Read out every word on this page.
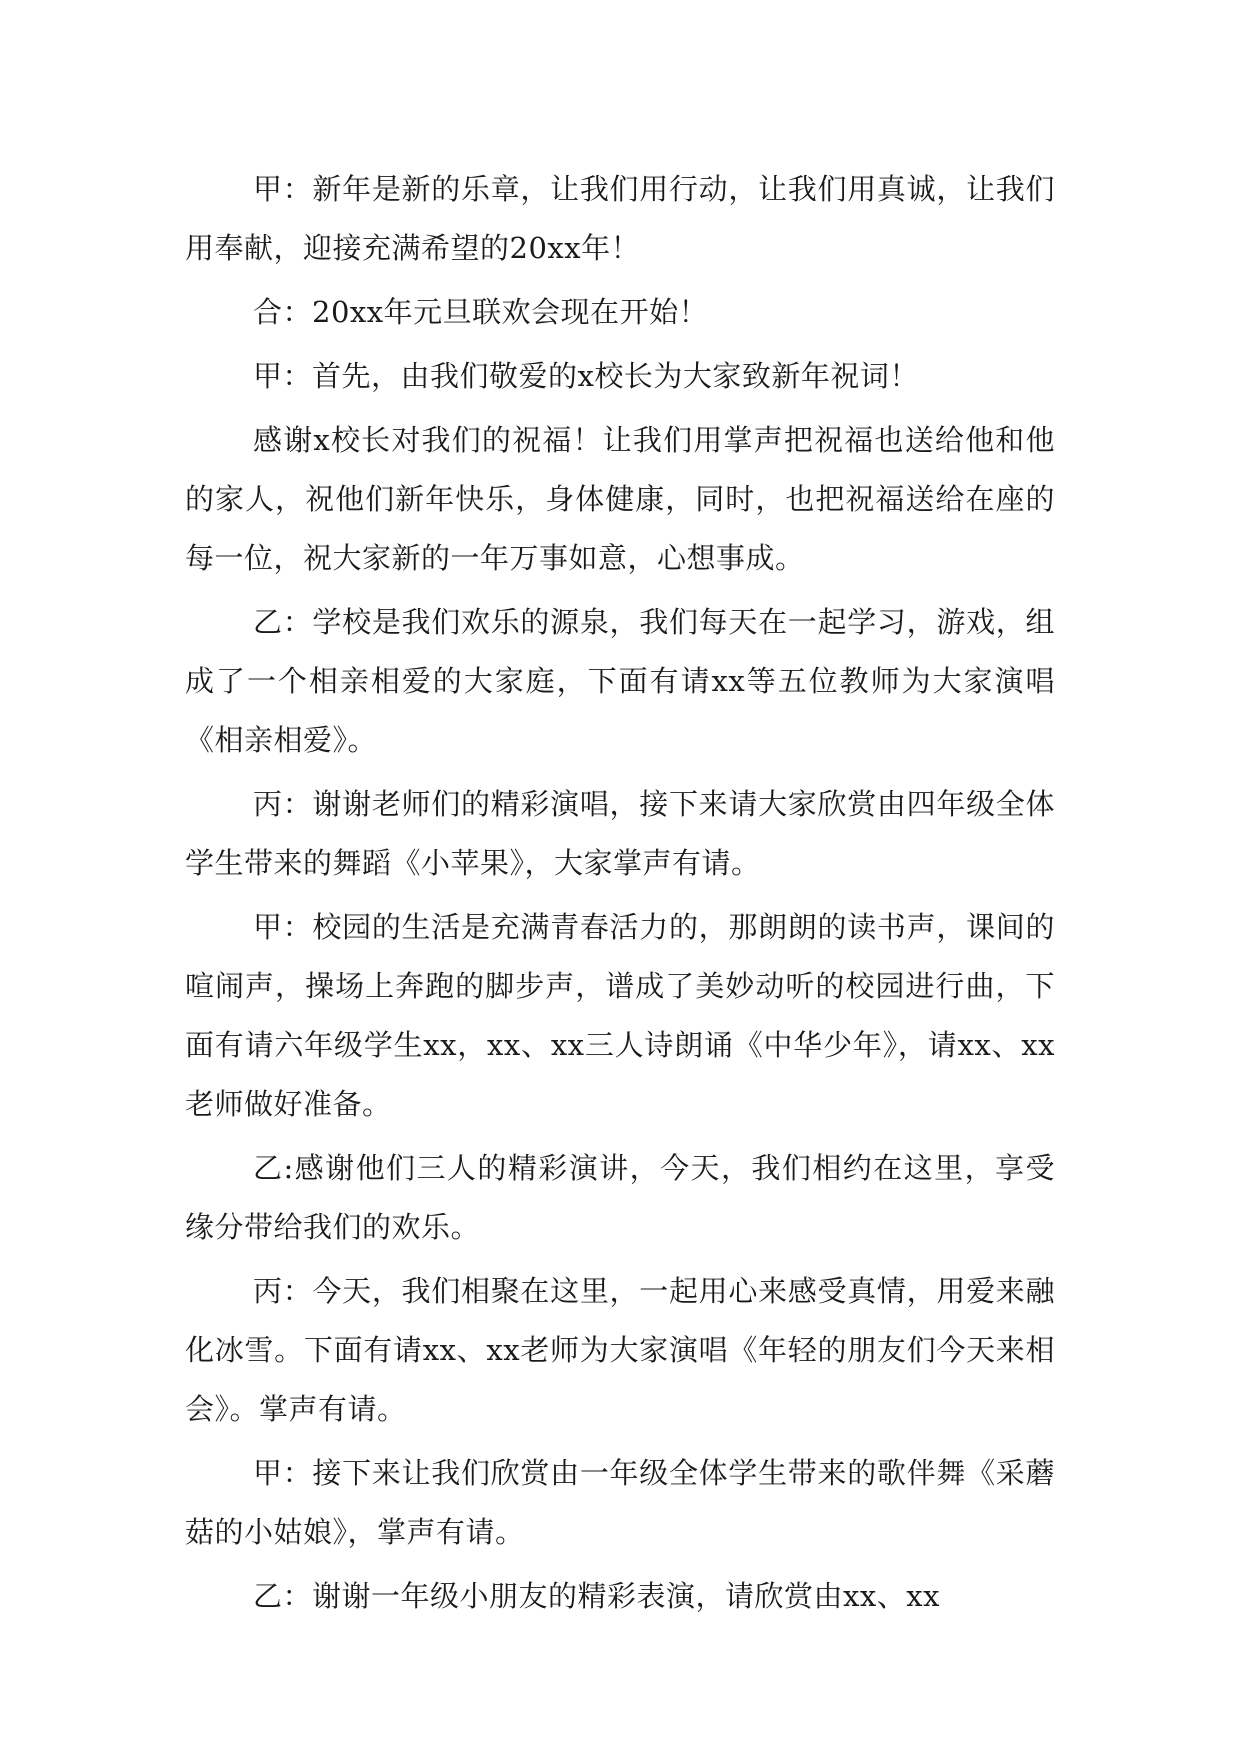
甲：新年是新的乐章，让我们用行动，让我们用真诚，让我们用奉献，迎接充满希望的20xx年！

合：20xx年元旦联欢会现在开始！

甲：首先，由我们敬爱的x校长为大家致新年祝词！

感谢x校长对我们的祝福！让我们用掌声把祝福也送给他和他的家人，祝他们新年快乐，身体健康，同时，也把祝福送给在座的每一位，祝大家新的一年万事如意，心想事成。

乙：学校是我们欢乐的源泉，我们每天在一起学习，游戏，组成了一个相亲相爱的大家庭，下面有请xx等五位教师为大家演唱《相亲相爱》。

丙：谢谢老师们的精彩演唱，接下来请大家欣赏由四年级全体学生带来的舞蹈《小苹果》，大家掌声有请。

甲：校园的生活是充满青春活力的，那朗朗的读书声，课间的喧闹声，操场上奔跑的脚步声，谱成了美妙动听的校园进行曲，下面有请六年级学生xx，xx、xx三人诗朗诵《中华少年》，请xx、xx老师做好准备。

乙:感谢他们三人的精彩演讲，今天，我们相约在这里，享受缘分带给我们的欢乐。

丙：今天，我们相聚在这里，一起用心来感受真情，用爱来融化冰雪。下面有请xx、xx老师为大家演唱《年轻的朋友们今天来相会》。掌声有请。

甲：接下来让我们欣赏由一年级全体学生带来的歌伴舞《采蘑菇的小姑娘》，掌声有请。

乙：谢谢一年级小朋友的精彩表演，请欣赏由xx、xx
